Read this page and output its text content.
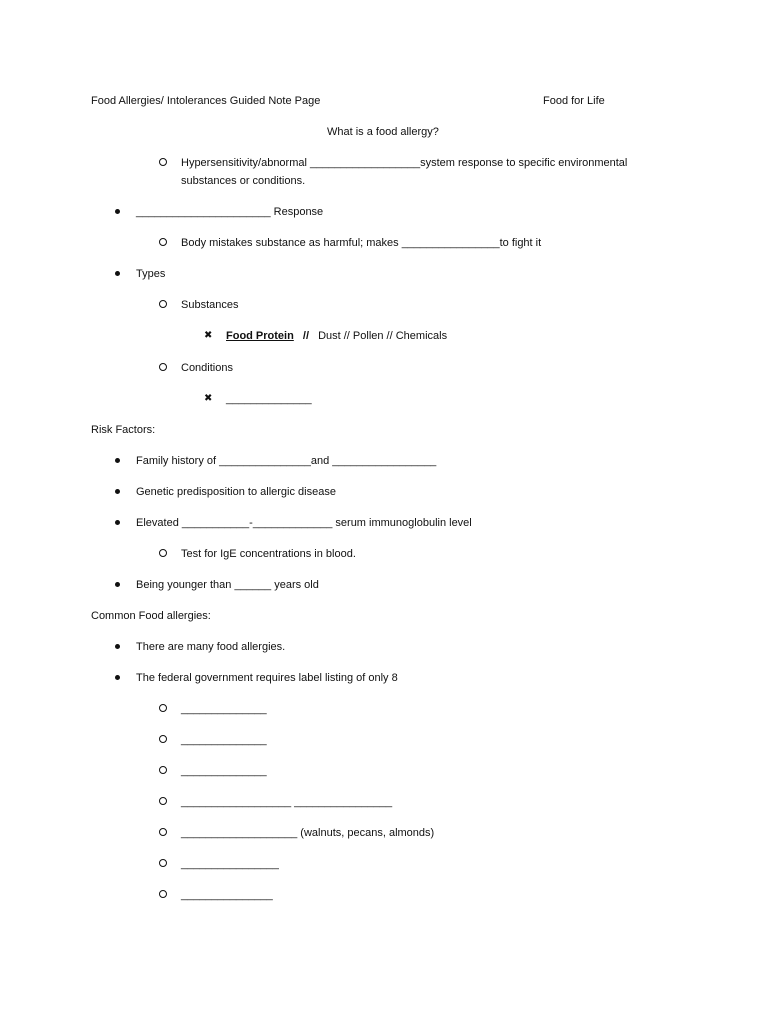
Food Allergies/ Intolerances Guided Note Page	Food for Life
What is a food allergy?
Hypersensitivity/abnormal __________________system response to specific environmental
substances or conditions.
______________________ Response
Body mistakes substance as harmful; makes ________________to fight it
Types
Substances
✖ Food Protein // Dust // Pollen // Chemicals
Conditions
✖ ______________
Risk Factors:
Family history of _______________and _________________
Genetic predisposition to allergic disease
Elevated ___________-_____________ serum immunoglobulin level
Test for IgE concentrations in blood.
Being younger than ______ years old
Common Food allergies:
There are many food allergies.
The federal government requires label listing of only 8
______________
______________
______________
__________________ ________________
___________________ (walnuts, pecans, almonds)
________________
_______________
